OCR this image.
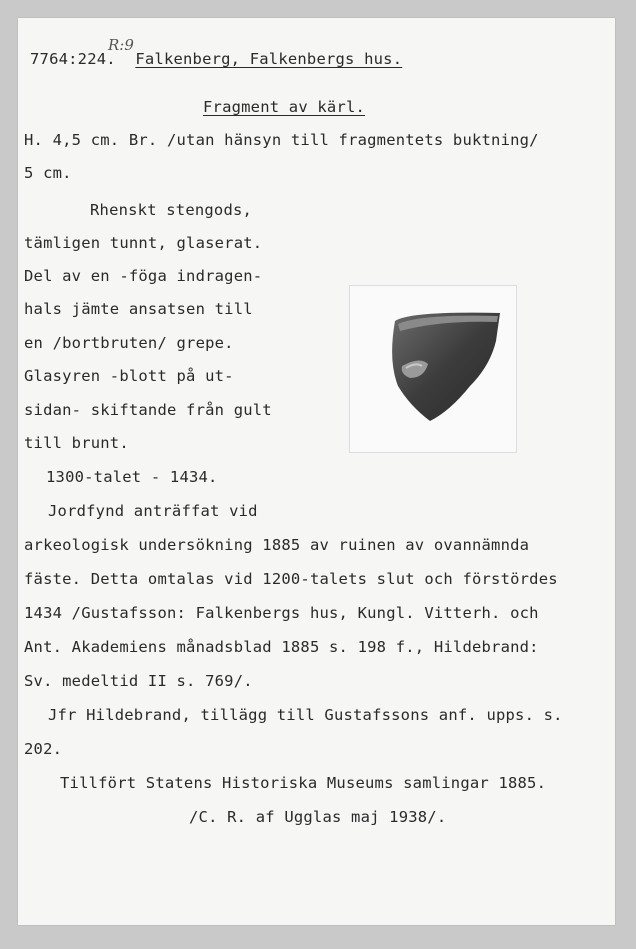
R:9
7764:224. Falkenberg, Falkenbergs hus.
Fragment av kärl.
H. 4,5 cm. Br. /utan hänsyn till fragmentets buktning/
5 cm.
Rhenskt stengods,
tämligen tunnt, glaserat.
Del av en -föga indragen-
hals jämte ansatsen till
en /bortbruten/ grepe.
Glasyren -blott på ut-
sidan- skiftande från gult
till brunt.
1300-talet - 1434.
Jordfynd anträffat vid
arkeologisk undersökning 1885 av ruinen av ovannämnda
fäste. Detta omtalas vid 1200-talets slut och förstördes
1434 /Gustafsson: Falkenbergs hus, Kungl. Vitterh. och
Ant. Akademiens månadsblad 1885 s. 198 f., Hildebrand:
Sv. medeltid II s. 769/.
Jfr Hildebrand, tillägg till Gustafssons anf. upps. s.
202.
Tillfört Statens Historiska Museums samlingar 1885.
/C. R. af Ugglas maj 1938/.
